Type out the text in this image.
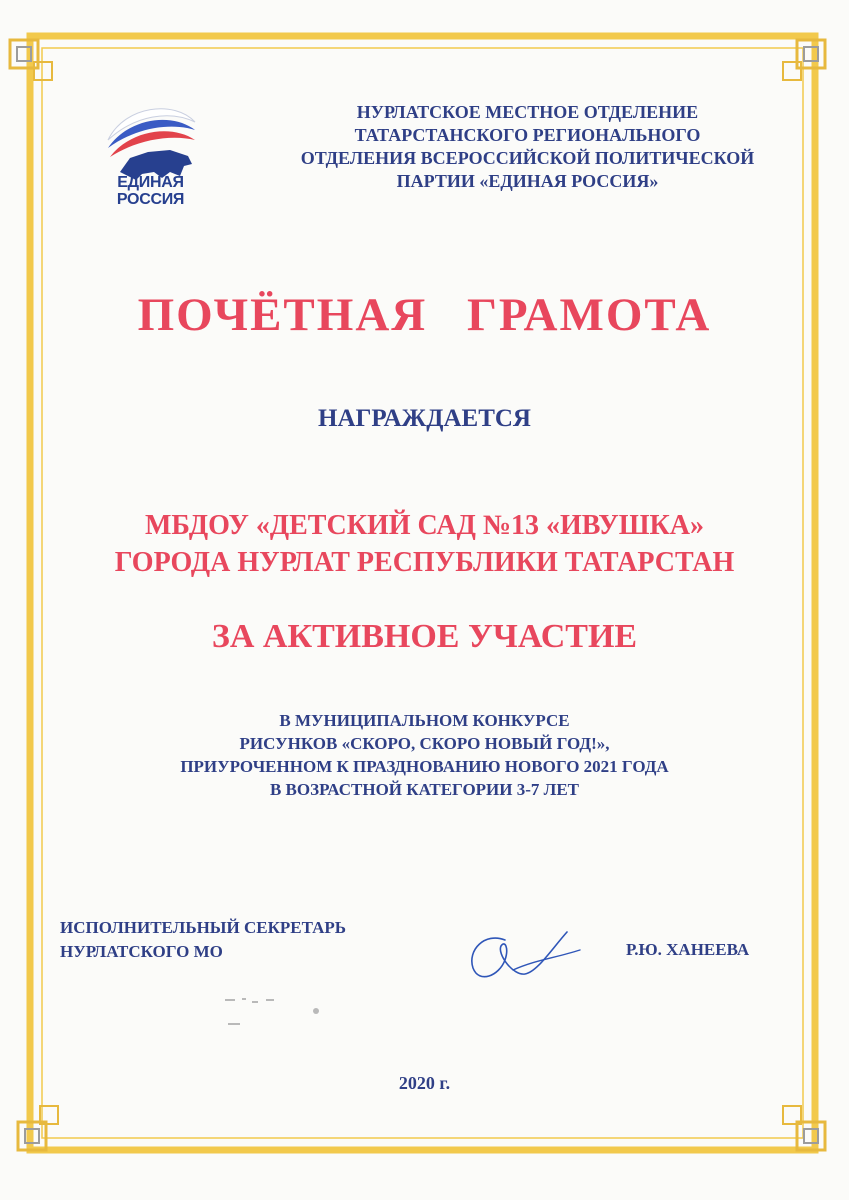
ЕДИНАЯ
РОССИЯ
НУРЛАТСКОЕ МЕСТНОЕ ОТДЕЛЕНИЕ
ТАТАРСТАНСКОГО РЕГИОНАЛЬНОГО
ОТДЕЛЕНИЯ ВСЕРОССИЙСКОЙ ПОЛИТИЧЕСКОЙ
ПАРТИИ «ЕДИНАЯ РОССИЯ»
ПОЧЁТНАЯ ГРАМОТА
НАГРАЖДАЕТСЯ
МБДОУ «ДЕТСКИЙ САД №13 «ИВУШКА»
ГОРОДА НУРЛАТ РЕСПУБЛИКИ ТАТАРСТАН
ЗА АКТИВНОЕ УЧАСТИЕ
В МУНИЦИПАЛЬНОМ КОНКУРСЕ
РИСУНКОВ «СКОРО, СКОРО НОВЫЙ ГОД!»,
ПРИУРОЧЕННОМ К ПРАЗДНОВАНИЮ НОВОГО 2021 ГОДА
В ВОЗРАСТНОЙ КАТЕГОРИИ 3-7 ЛЕТ
ИСПОЛНИТЕЛЬНЫЙ СЕКРЕТАРЬ
НУРЛАТСКОГО МО	Р.Ю. ХАНЕЕВА
2020 г.
